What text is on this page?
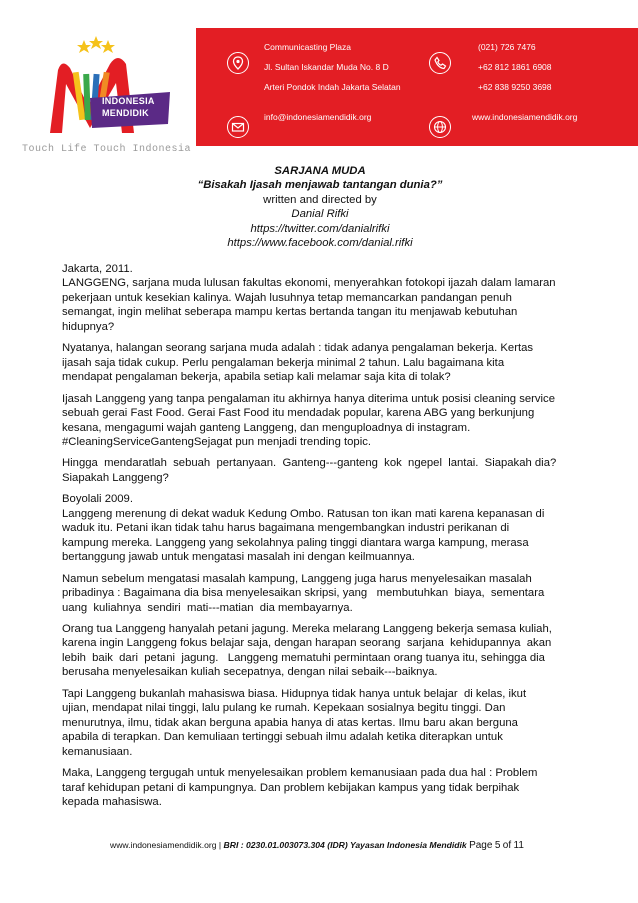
INDONESIA
MENDIDIK
Communicasting Plaza
Jl. Sultan Iskandar Muda No. 8 D
Arteri Pondok Indah Jakarta Selatan
info@indonesiamendidik.org
(021) 726 7476
+62 812 1861 6908
+62 838 9250 3698
www.indonesiamendidik.org
Touch Life Touch Indonesia
SARJANA MUDA
“Bisakah Ijasah menjawab tantangan dunia?”
written and directed by
Danial Rifki
https://twitter.com/danialrifki
https://www.facebook.com/danial.rifki

Jakarta, 2011.
LANGGENG, sarjana muda lulusan fakultas ekonomi, menyerahkan fotokopi ijazah dalam lamaran
pekerjaan untuk kesekian kalinya. Wajah lusuhnya tetap memancarkan pandangan penuh
semangat, ingin melihat seberapa mampu kertas bertanda tangan itu menjawab kebutuhan
hidupnya?

Nyatanya, halangan seorang sarjana muda adalah : tidak adanya pengalaman bekerja. Kertas
ijasah saja tidak cukup. Perlu pengalaman bekerja minimal 2 tahun. Lalu bagaimana kita
mendapat pengalaman bekerja, apabila setiap kali melamar saja kita di tolak?

Ijasah Langgeng yang tanpa pengalaman itu akhirnya hanya diterima untuk posisi cleaning service
sebuah gerai Fast Food. Gerai Fast Food itu mendadak popular, karena ABG yang berkunjung
kesana, mengagumi wajah ganteng Langgeng, dan menguploadnya di instagram.
#CleaningServiceGantengSejagat pun menjadi trending topic.

Hingga  mendaratlah  sebuah  pertanyaan.  Ganteng---ganteng  kok  ngepel  lantai.  Siapakah dia?
Siapakah Langgeng?

Boyolali 2009.
Langgeng merenung di dekat waduk Kedung Ombo. Ratusan ton ikan mati karena kepanasan di
waduk itu. Petani ikan tidak tahu harus bagaimana mengembangkan industri perikanan di
kampung mereka. Langgeng yang sekolahnya paling tinggi diantara warga kampung, merasa
bertanggung jawab untuk mengatasi masalah ini dengan keilmuannya.

Namun sebelum mengatasi masalah kampung, Langgeng juga harus menyelesaikan masalah
pribadinya : Bagaimana dia bisa menyelesaikan skripsi, yang   membutuhkan  biaya,  sementara
uang  kuliahnya  sendiri  mati---matian  dia membayarnya.

Orang tua Langgeng hanyalah petani jagung. Mereka melarang Langgeng bekerja semasa kuliah,
karena ingin Langgeng fokus belajar saja, dengan harapan seorang  sarjana  kehidupannya  akan
lebih  baik  dari  petani  jagung.   Langgeng mematuhi permintaan orang tuanya itu, sehingga dia
berusaha menyelesaikan kuliah secepatnya, dengan nilai sebaik---baiknya.

Tapi Langgeng bukanlah mahasiswa biasa. Hidupnya tidak hanya untuk belajar  di kelas, ikut
ujian, mendapat nilai tinggi, lalu pulang ke rumah. Kepekaan sosialnya begitu tinggi. Dan
menurutnya, ilmu, tidak akan berguna apabia hanya di atas kertas. Ilmu baru akan berguna
apabila di terapkan. Dan kemuliaan tertinggi sebuah ilmu adalah ketika diterapkan untuk
kemanusiaan.

Maka, Langgeng tergugah untuk menyelesaikan problem kemanusiaan pada dua hal : Problem
taraf kehidupan petani di kampungnya. Dan problem kebijakan kampus yang tidak berpihak
kepada mahasiswa.

www.indonesiamendidik.org | BRI : 0230.01.003073.304 (IDR) Yayasan Indonesia Mendidik Page 5 of 11
